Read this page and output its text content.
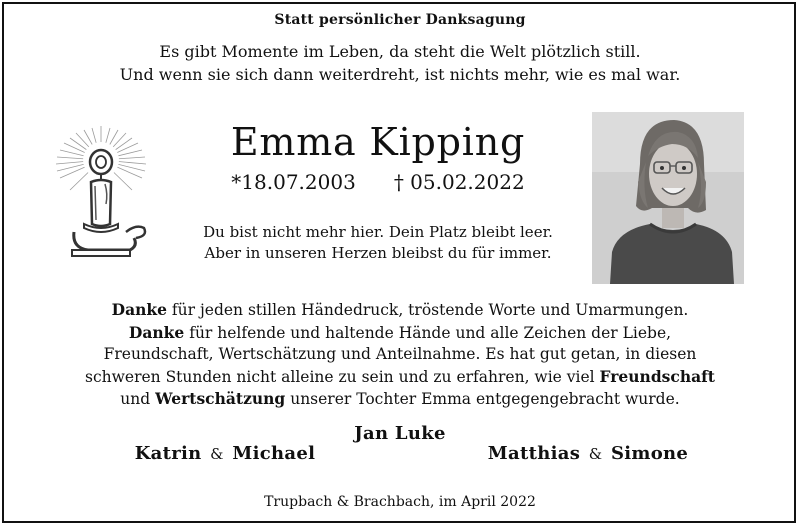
Statt persönlicher Danksagung
Es gibt Momente im Leben, da steht die Welt plötzlich still.
Und wenn sie sich dann weiterdreht, ist nichts mehr, wie es mal war.
Emma Kipping
*18.07.2003 † 05.02.2022
Du bist nicht mehr hier. Dein Platz bleibt leer.
Aber in unseren Herzen bleibst du für immer.
Danke für jeden stillen Händedruck, tröstende Worte und Umarmungen.
Danke für helfende und haltende Hände und alle Zeichen der Liebe,
Freundschaft, Wertschätzung und Anteilnahme. Es hat gut getan, in diesen
schweren Stunden nicht alleine zu sein und zu erfahren, wie viel Freundschaft
und Wertschätzung unserer Tochter Emma entgegengebracht wurde.
Jan Luke
Katrin & Michael	Matthias & Simone
Trupbach & Brachbach, im April 2022
